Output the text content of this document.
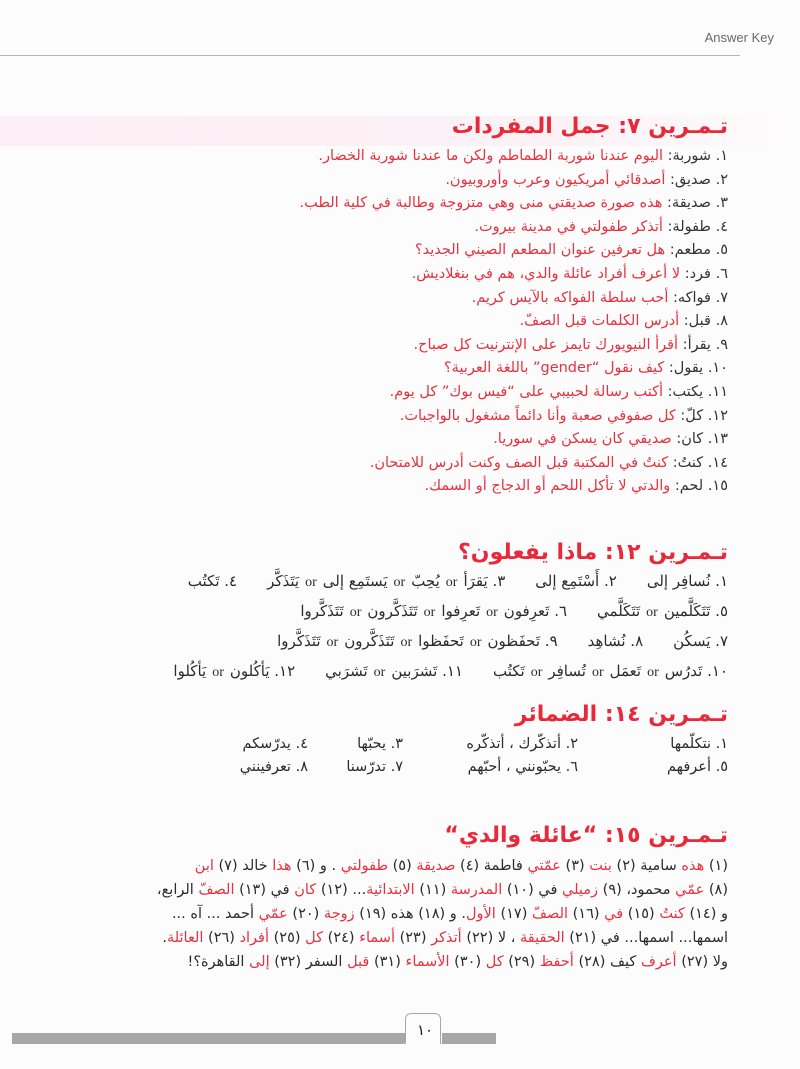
Answer Key
تـمـرين ٧: جمل المفردات
١. شوربة: اليوم عندنا شوربة الطماطم ولكن ما عندنا شوربة الخضار.
٢. صديق: أصدقائي أمريكيون وعرب وأوروبيون.
٣. صديقة: هذه صورة صديقتي منى وهي متزوجة وطالبة في كلية الطب.
٤. طفولة: أتذكر طفولتي في مدينة بيروت.
٥. مطعم: هل تعرفين عنوان المطعم الصيني الجديد؟
٦. فرد: لا أعرف أفراد عائلة والدي، هم في بنغلاديش.
٧. فواكه: أحب سلطة الفواكه بالآيس كريم.
٨. قبل: أدرس الكلمات قبل الصفّ.
٩. يقرأ: أقرأ النيويورك تايمز على الإنترنيت كل صباح.
١٠. يقول: كيف نقول “gender” باللغة العربية؟
١١. يكتب: أكتب رسالة لحبيبي على “فيس بوك” كل يوم.
١٢. كلّ: كل صفوفي صعبة وأنا دائماً مشغول بالواجبات.
١٣. كان: صديقي كان يسكن في سوريا.
١٤. كنتُ: كنتُ في المكتبة قبل الصف وكنت أدرس للامتحان.
١٥. لحم: والدتي لا تأكل اللحم أو الدجاج أو السمك.
تـمـرين ١٢: ماذا يفعلون؟
١. نُسافِر إلى٢. أَسْتَمِع إلى٣. يَقرَأorيُحِبّorيَستَمِع إلىorيَتَذَكَّر٤. تَكتُب
٥. تَتَكَلَّمينorتَتَكَلَّمي٦. تَعرِفونorتَعرِفواorتَتَذَكَّرونorتَتَذَكَّروا
٧. يَسكُن٨. نُشاهِد٩. تَحفَظونorتَحفَظواorتَتَذَكَّرونorتَتَذَكَّروا
١٠. تَدرُسorتَعمَلorتُسافِرorتَكتُب١١. تَشرَبينorتَشرَبي١٢. يَأكُلونorيَأكُلوا
تـمـرين ١٤: الضمائر
١. نتكلّمها
٢. أتذكّرك ، أتذكّره
٣. يحبّها
٤. يدرّسكم
٥. أعرفهم
٦. يحبّونني ، أحبّهم
٧. تدرّسنا
٨. تعرفينني
تـمـرين ١٥: “عائلة والدي“
(١) هذه سامية (٢) بنت (٣) عمّتي فاطمة (٤) صديقة (٥) طفولتي . و (٦) هذا خالد (٧) ابن
(٨) عمّي محمود، (٩) زميلي في (١٠) المدرسة (١١) الابتدائية... (١٢) كان في (١٣) الصفّ الرابع،
و (١٤) كنتُ (١٥) في (١٦) الصفّ (١٧) الأول. و (١٨) هذه (١٩) زوجة (٢٠) عمّي أحمد ... آه ...
اسمها... اسمها... في (٢١) الحقيقة ، لا (٢٢) أتذكر (٢٣) أسماء (٢٤) كل (٢٥) أفراد (٢٦) العائلة.
ولا (٢٧) أعرف كيف (٢٨) أحفظ (٢٩) كل (٣٠) الأسماء (٣١) قبل السفر (٣٢) إلى القاهرة؟!
١٠
